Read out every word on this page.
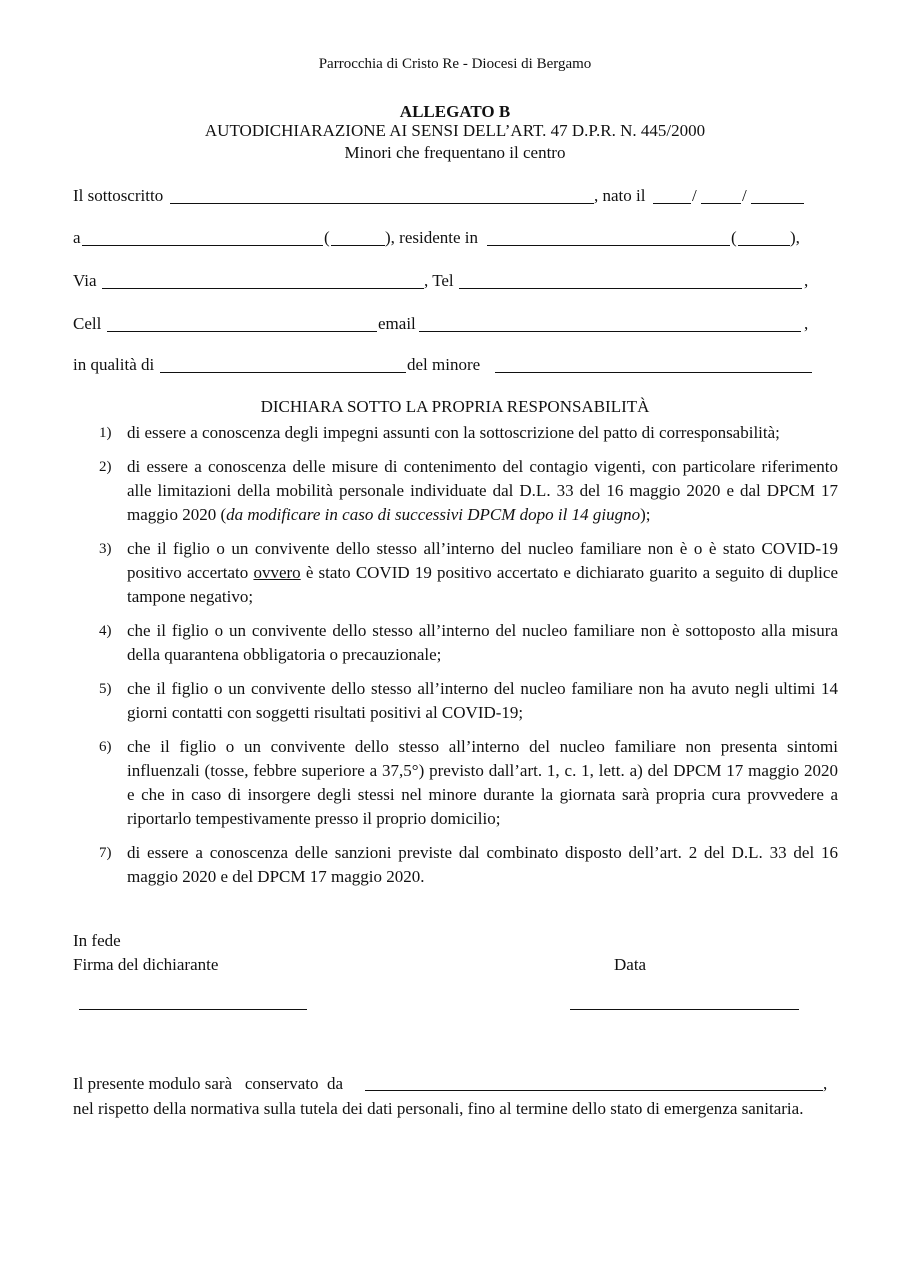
Parrocchia di Cristo Re - Diocesi di Bergamo
ALLEGATO B
AUTODICHIARAZIONE AI SENSI DELL’ART. 47 D.P.R. N. 445/2000
Minori che frequentano il centro
Il sottoscritto	, nato il	/	/
a	(	), residente in	(	),
Via	, Tel	,
Cell	email	,
in qualità di	del minore
DICHIARA SOTTO LA PROPRIA RESPONSABILITÀ
1) di essere a conoscenza degli impegni assunti con la sottoscrizione del patto di corresponsabilità;
2) di essere a conoscenza delle misure di contenimento del contagio vigenti, con particolare riferimento alle limitazioni della mobilità personale individuate dal D.L. 33 del 16 maggio 2020 e dal DPCM 17 maggio 2020 (da modificare in caso di successivi DPCM dopo il 14 giugno);
3) che il figlio o un convivente dello stesso all’interno del nucleo familiare non è o è stato COVID-19 positivo accertato ovvero è stato COVID 19 positivo accertato e dichiarato guarito a seguito di duplice tampone negativo;
4) che il figlio o un convivente dello stesso all’interno del nucleo familiare non è sottoposto alla misura della quarantena obbligatoria o precauzionale;
5) che il figlio o un convivente dello stesso all’interno del nucleo familiare non ha avuto negli ultimi 14 giorni contatti con soggetti risultati positivi al COVID-19;
6) che il figlio o un convivente dello stesso all’interno del nucleo familiare non presenta sintomi influenzali (tosse, febbre superiore a 37,5°) previsto dall’art. 1, c. 1, lett. a) del DPCM 17 maggio 2020 e che in caso di insorgere degli stessi nel minore durante la giornata sarà propria cura provvedere a riportarlo tempestivamente presso il proprio domicilio;
7) di essere a conoscenza delle sanzioni previste dal combinato disposto dell’art. 2 del D.L. 33 del 16 maggio 2020 e del DPCM 17 maggio 2020.
In fede
Firma del dichiarante	Data
Il presente modulo sarà   conservato  da	,
nel rispetto della normativa sulla tutela dei dati personali, fino al termine dello stato di emergenza sanitaria.
